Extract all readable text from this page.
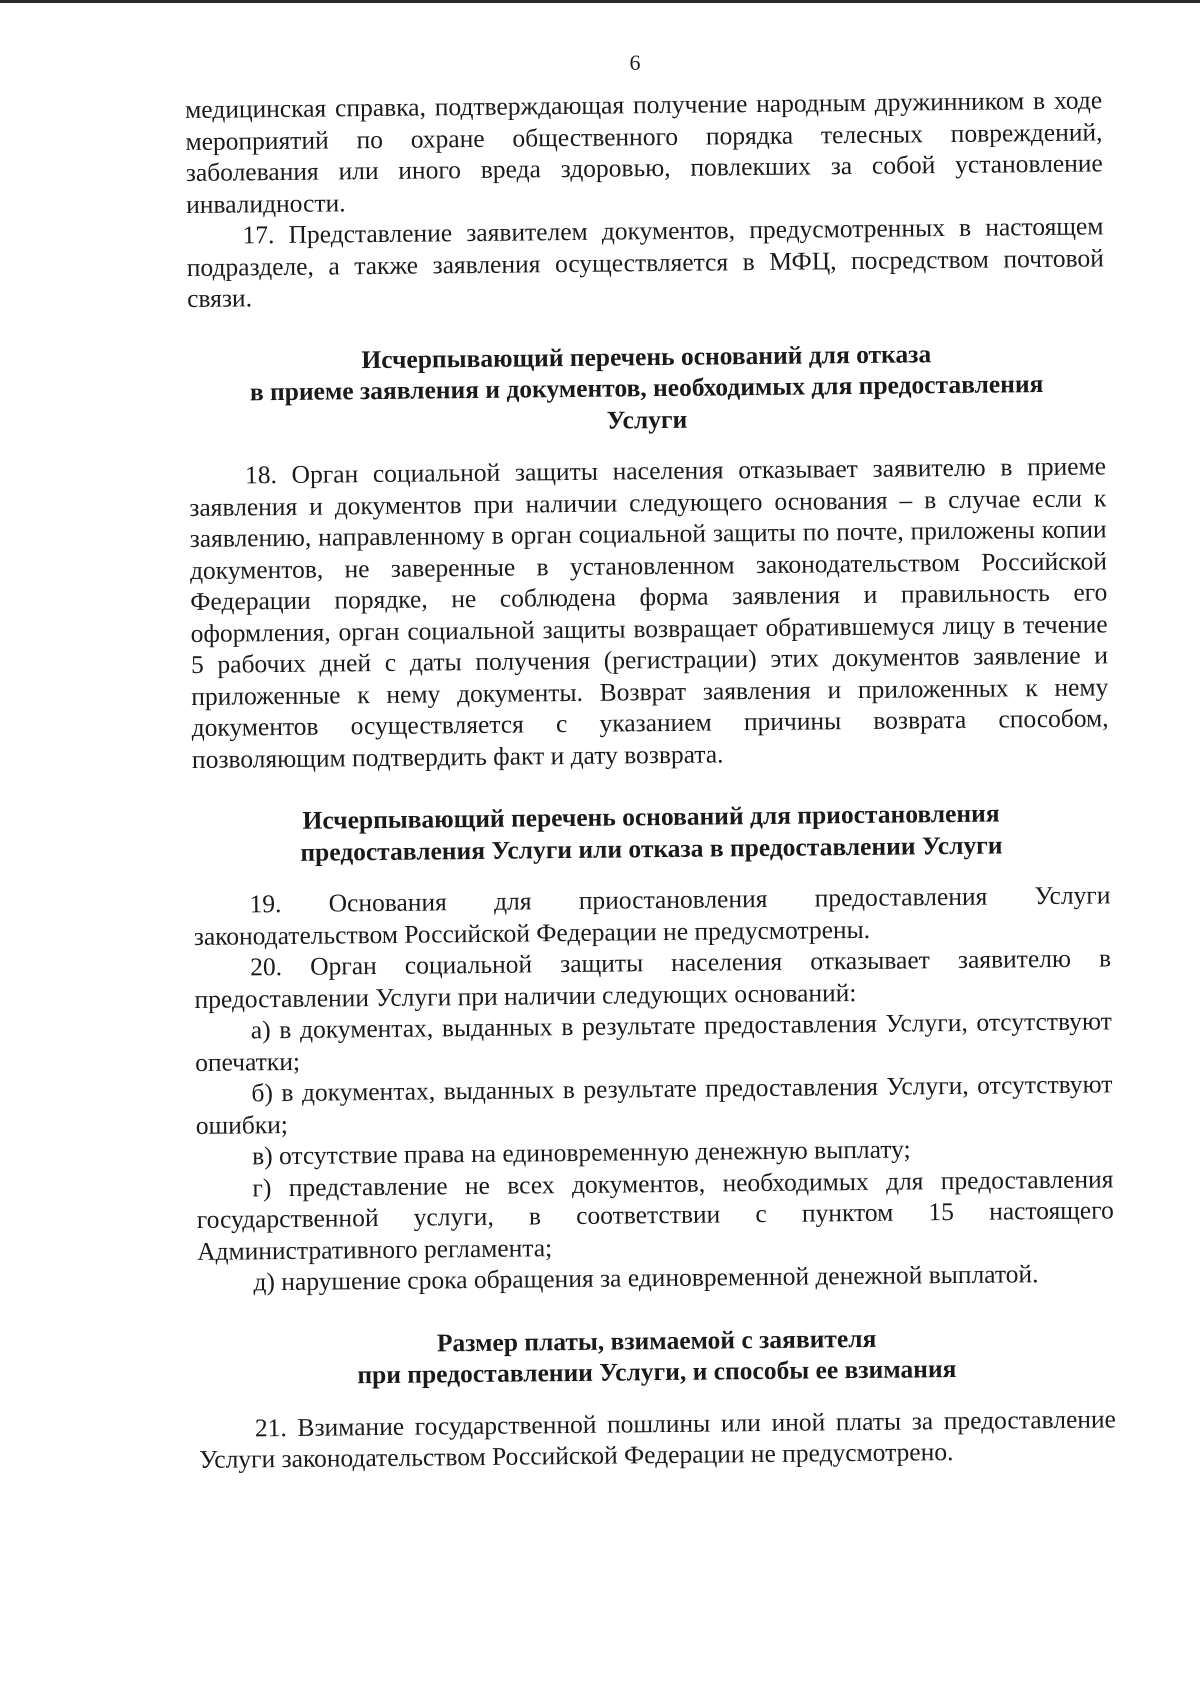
6

медицинская справка, подтверждающая получение народным дружинником в ходе мероприятий по охране общественного порядка телесных повреждений, заболевания или иного вреда здоровью, повлекших за собой установление инвалидности.

17. Представление заявителем документов, предусмотренных в настоящем подразделе, а также заявления осуществляется в МФЦ, посредством почтовой связи.

Исчерпывающий перечень оснований для отказа
в приеме заявления и документов, необходимых для предоставления
Услуги

18. Орган социальной защиты населения отказывает заявителю в приеме заявления и документов при наличии следующего основания – в случае если к заявлению, направленному в орган социальной защиты по почте, приложены копии документов, не заверенные в установленном законодательством Российской Федерации порядке, не соблюдена форма заявления и правильность его оформления, орган социальной защиты возвращает обратившемуся лицу в течение 5 рабочих дней с даты получения (регистрации) этих документов заявление и приложенные к нему документы. Возврат заявления и приложенных к нему документов осуществляется с указанием причины возврата способом, позволяющим подтвердить факт и дату возврата.

Исчерпывающий перечень оснований для приостановления
предоставления Услуги или отказа в предоставлении Услуги

19. Основания для приостановления предоставления Услуги законодательством Российской Федерации не предусмотрены.

20. Орган социальной защиты населения отказывает заявителю в предоставлении Услуги при наличии следующих оснований:

а) в документах, выданных в результате предоставления Услуги, отсутствуют опечатки;

б) в документах, выданных в результате предоставления Услуги, отсутствуют ошибки;

в) отсутствие права на единовременную денежную выплату;

г) представление не всех документов, необходимых для предоставления государственной услуги, в соответствии с пунктом 15 настоящего Административного регламента;

д) нарушение срока обращения за единовременной денежной выплатой.

Размер платы, взимаемой с заявителя
при предоставлении Услуги, и способы ее взимания

21. Взимание государственной пошлины или иной платы за предоставление Услуги законодательством Российской Федерации не предусмотрено.
